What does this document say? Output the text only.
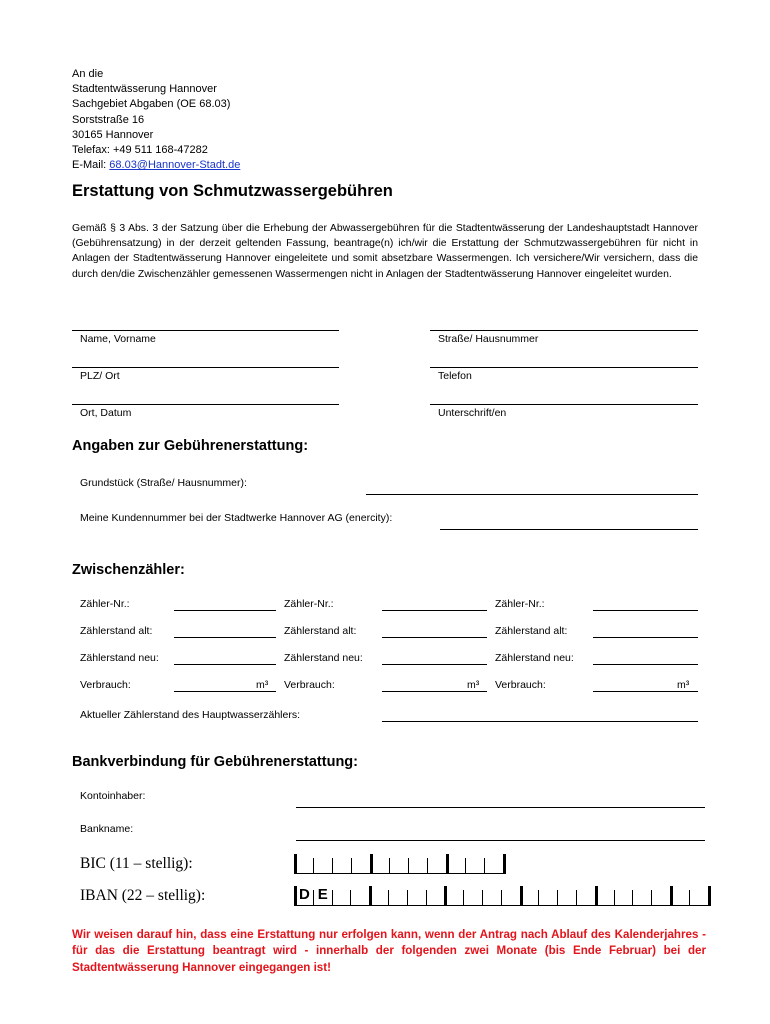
An die
Stadtentwässerung Hannover
Sachgebiet Abgaben (OE 68.03)
Sorststraße 16
30165 Hannover
Telefax: +49 511 168-47282
E-Mail: 68.03@Hannover-Stadt.de
Erstattung von Schmutzwassergebühren
Gemäß § 3 Abs. 3 der Satzung über die Erhebung der Abwassergebühren für die Stadtentwässerung der Landeshauptstadt Hannover (Gebührensatzung) in der derzeit geltenden Fassung, beantrage(n) ich/wir die Erstattung der Schmutzwassergebühren für nicht in Anlagen der Stadtentwässerung Hannover eingeleitete und somit absetzbare Wassermengen. Ich versichere/Wir versichern, dass die durch den/die Zwischenzähler gemessenen Wassermengen nicht in Anlagen der Stadtentwässerung Hannover eingeleitet wurden.
Name, Vorname	Straße/ Hausnummer
PLZ/ Ort	Telefon
Ort, Datum	Unterschrift/en
Angaben zur Gebührenerstattung:
Grundstück (Straße/ Hausnummer):
Meine Kundennummer bei der Stadtwerke Hannover AG (enercity):
Zwischenzähler:
Zähler-Nr.:	Zähler-Nr.:	Zähler-Nr.:
Zählerstand alt:	Zählerstand alt:	Zählerstand alt:
Zählerstand neu:	Zählerstand neu:	Zählerstand neu:
Verbrauch:	m³ Verbrauch:	m³ Verbrauch:	m³
Aktueller Zählerstand des Hauptwasserzählers:
Bankverbindung für Gebührenerstattung:
Kontoinhaber:
Bankname:
BIC (11 – stellig):
IBAN (22 – stellig):	D E
Wir weisen darauf hin, dass eine Erstattung nur erfolgen kann, wenn der Antrag nach Ablauf des Kalenderjahres - für das die Erstattung beantragt wird - innerhalb der folgenden zwei Monate (bis Ende Februar) bei der Stadtentwässerung Hannover eingegangen ist!
